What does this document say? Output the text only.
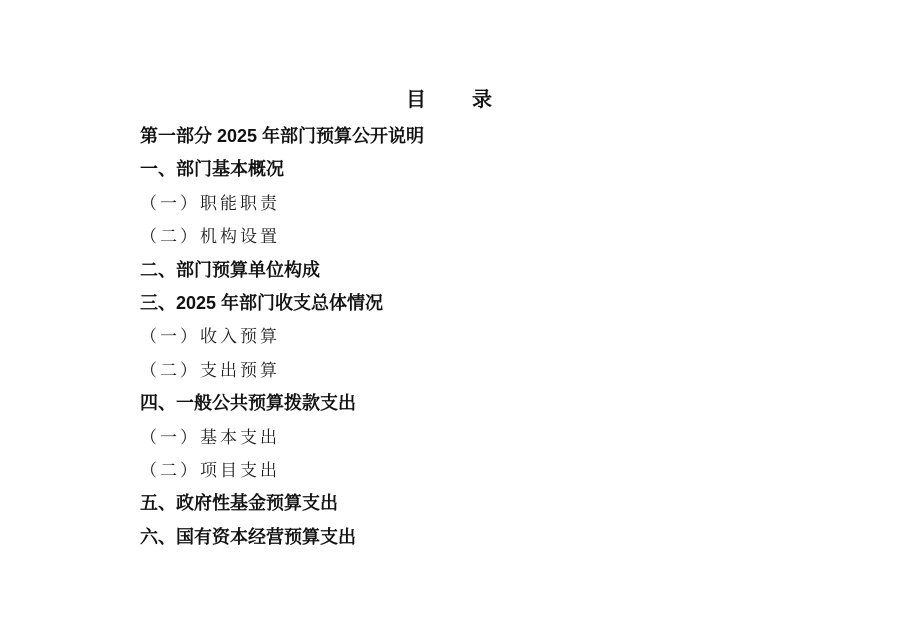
目　　录
第一部分 2025 年部门预算公开说明
一、部门基本概况
（一）职能职责
（二）机构设置
二、部门预算单位构成
三、2025 年部门收支总体情况
（一）收入预算
（二）支出预算
四、一般公共预算拨款支出
（一）基本支出
（二）项目支出
五、政府性基金预算支出
六、国有资本经营预算支出
